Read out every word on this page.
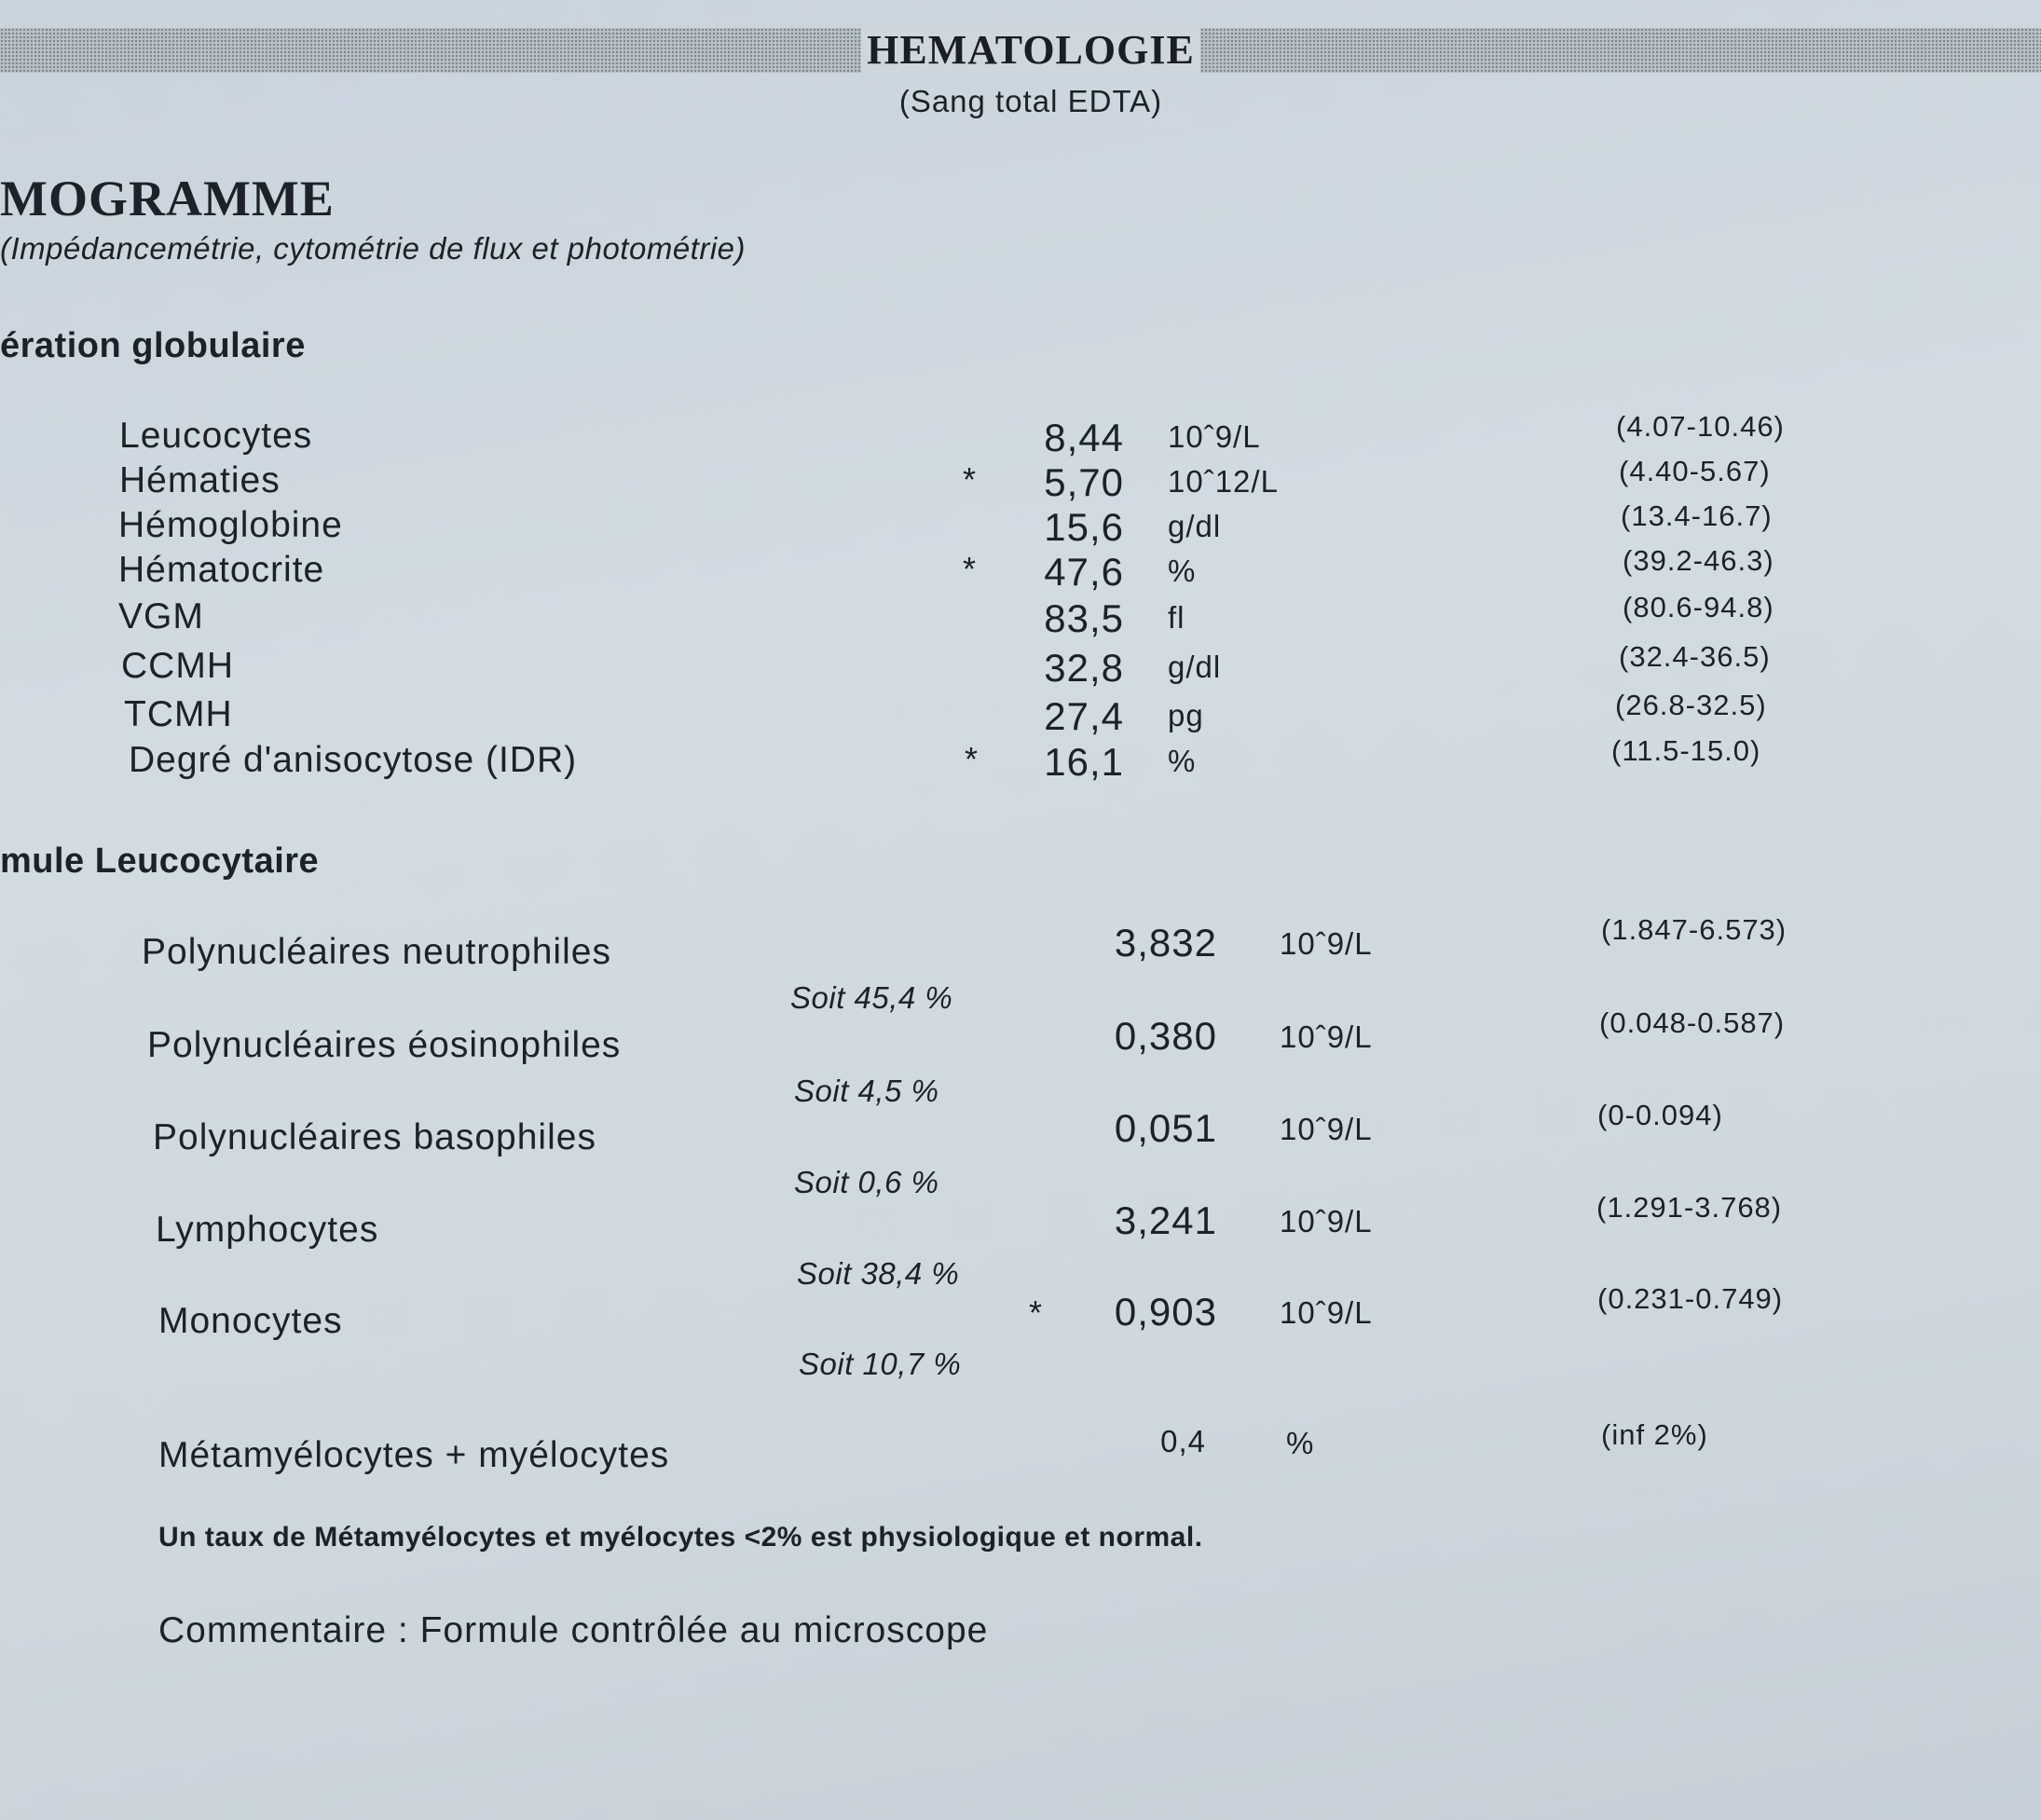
HEMATOLOGIE
(Sang total EDTA)
MOGRAMME
(Impédancemétrie, cytométrie de flux et photométrie)
ération globulaire
Leucocytes	8,44 10ˆ9/L	(4.07-10.46)
Hématies	*	5,70 10ˆ12/L	(4.40-5.67)
Hémoglobine	15,6 g/dl	(13.4-16.7)
Hématocrite	*	47,6 %	(39.2-46.3)
VGM	83,5 fl	(80.6-94.8)
CCMH	32,8 g/dl	(32.4-36.5)
TCMH	27,4 pg	(26.8-32.5)
Degré d'anisocytose (IDR)	*	16,1 %	(11.5-15.0)
mule Leucocytaire
Polynucléaires neutrophiles	3,832 10ˆ9/L	(1.847-6.573)
Soit 45,4 %
Polynucléaires éosinophiles	0,380 10ˆ9/L	(0.048-0.587)
Soit 4,5 %
Polynucléaires basophiles	0,051 10ˆ9/L	(0-0.094)
Soit 0,6 %
Lymphocytes	3,241 10ˆ9/L	(1.291-3.768)
Soit 38,4 %
Monocytes	*	0,903 10ˆ9/L	(0.231-0.749)
Soit 10,7 %
Métamyélocytes + myélocytes	0,4	%	(inf 2%)
Un taux de Métamyélocytes et myélocytes <2% est physiologique et normal.
Commentaire : Formule contrôlée au microscope
